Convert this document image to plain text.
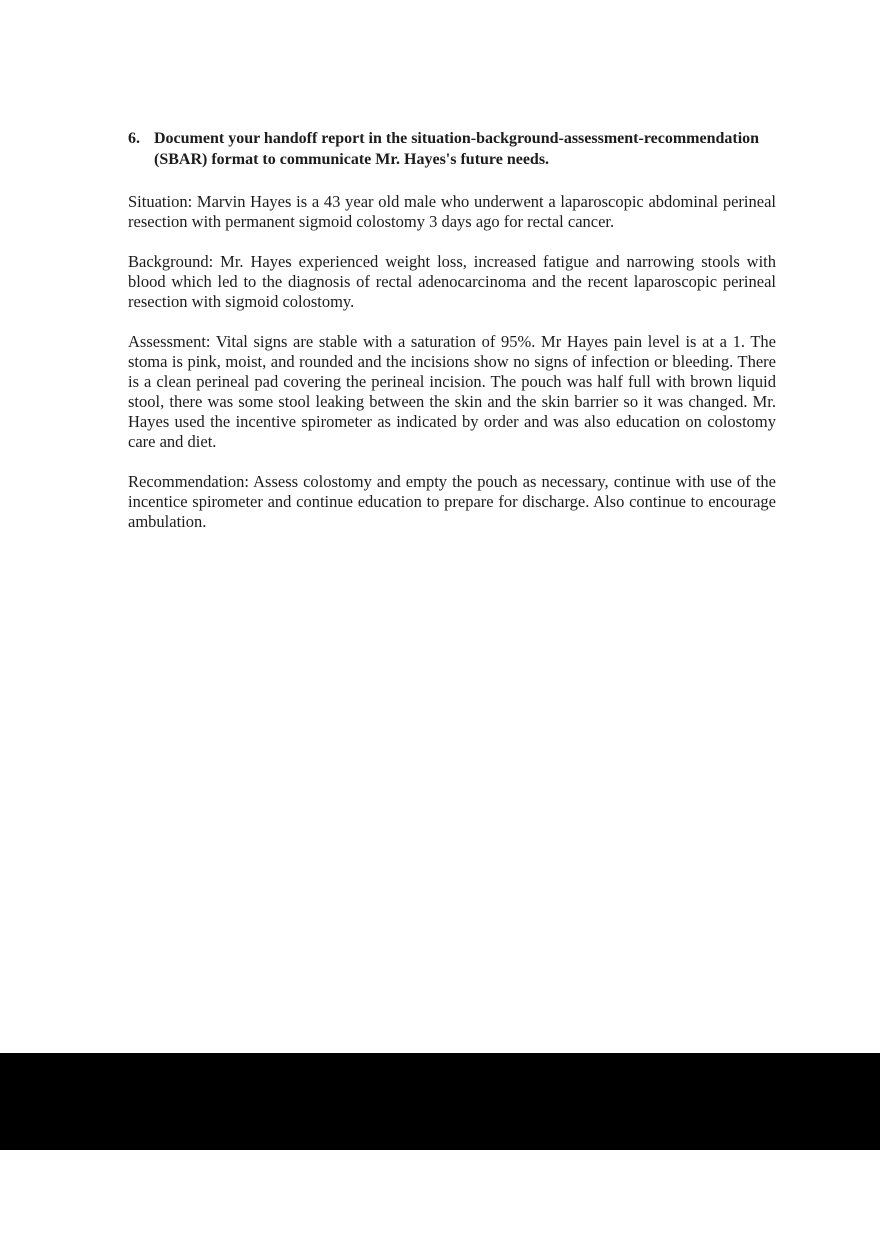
6. Document your handoff report in the situation-background-assessment-recommendation (SBAR) format to communicate Mr. Hayes's future needs.

Situation: Marvin Hayes is a 43 year old male who underwent a laparoscopic abdominal perineal resection with permanent sigmoid colostomy 3 days ago for rectal cancer.

Background: Mr. Hayes experienced weight loss, increased fatigue and narrowing stools with blood which led to the diagnosis of rectal adenocarcinoma and the recent laparoscopic perineal resection with sigmoid colostomy.

Assessment: Vital signs are stable with a saturation of 95%. Mr Hayes pain level is at a 1. The stoma is pink, moist, and rounded and the incisions show no signs of infection or bleeding. There is a clean perineal pad covering the perineal incision. The pouch was half full with brown liquid stool, there was some stool leaking between the skin and the skin barrier so it was changed. Mr. Hayes used the incentive spirometer as indicated by order and was also education on colostomy care and diet.

Recommendation: Assess colostomy and empty the pouch as necessary, continue with use of the incentice spirometer and continue education to prepare for discharge. Also continue to encourage ambulation.
